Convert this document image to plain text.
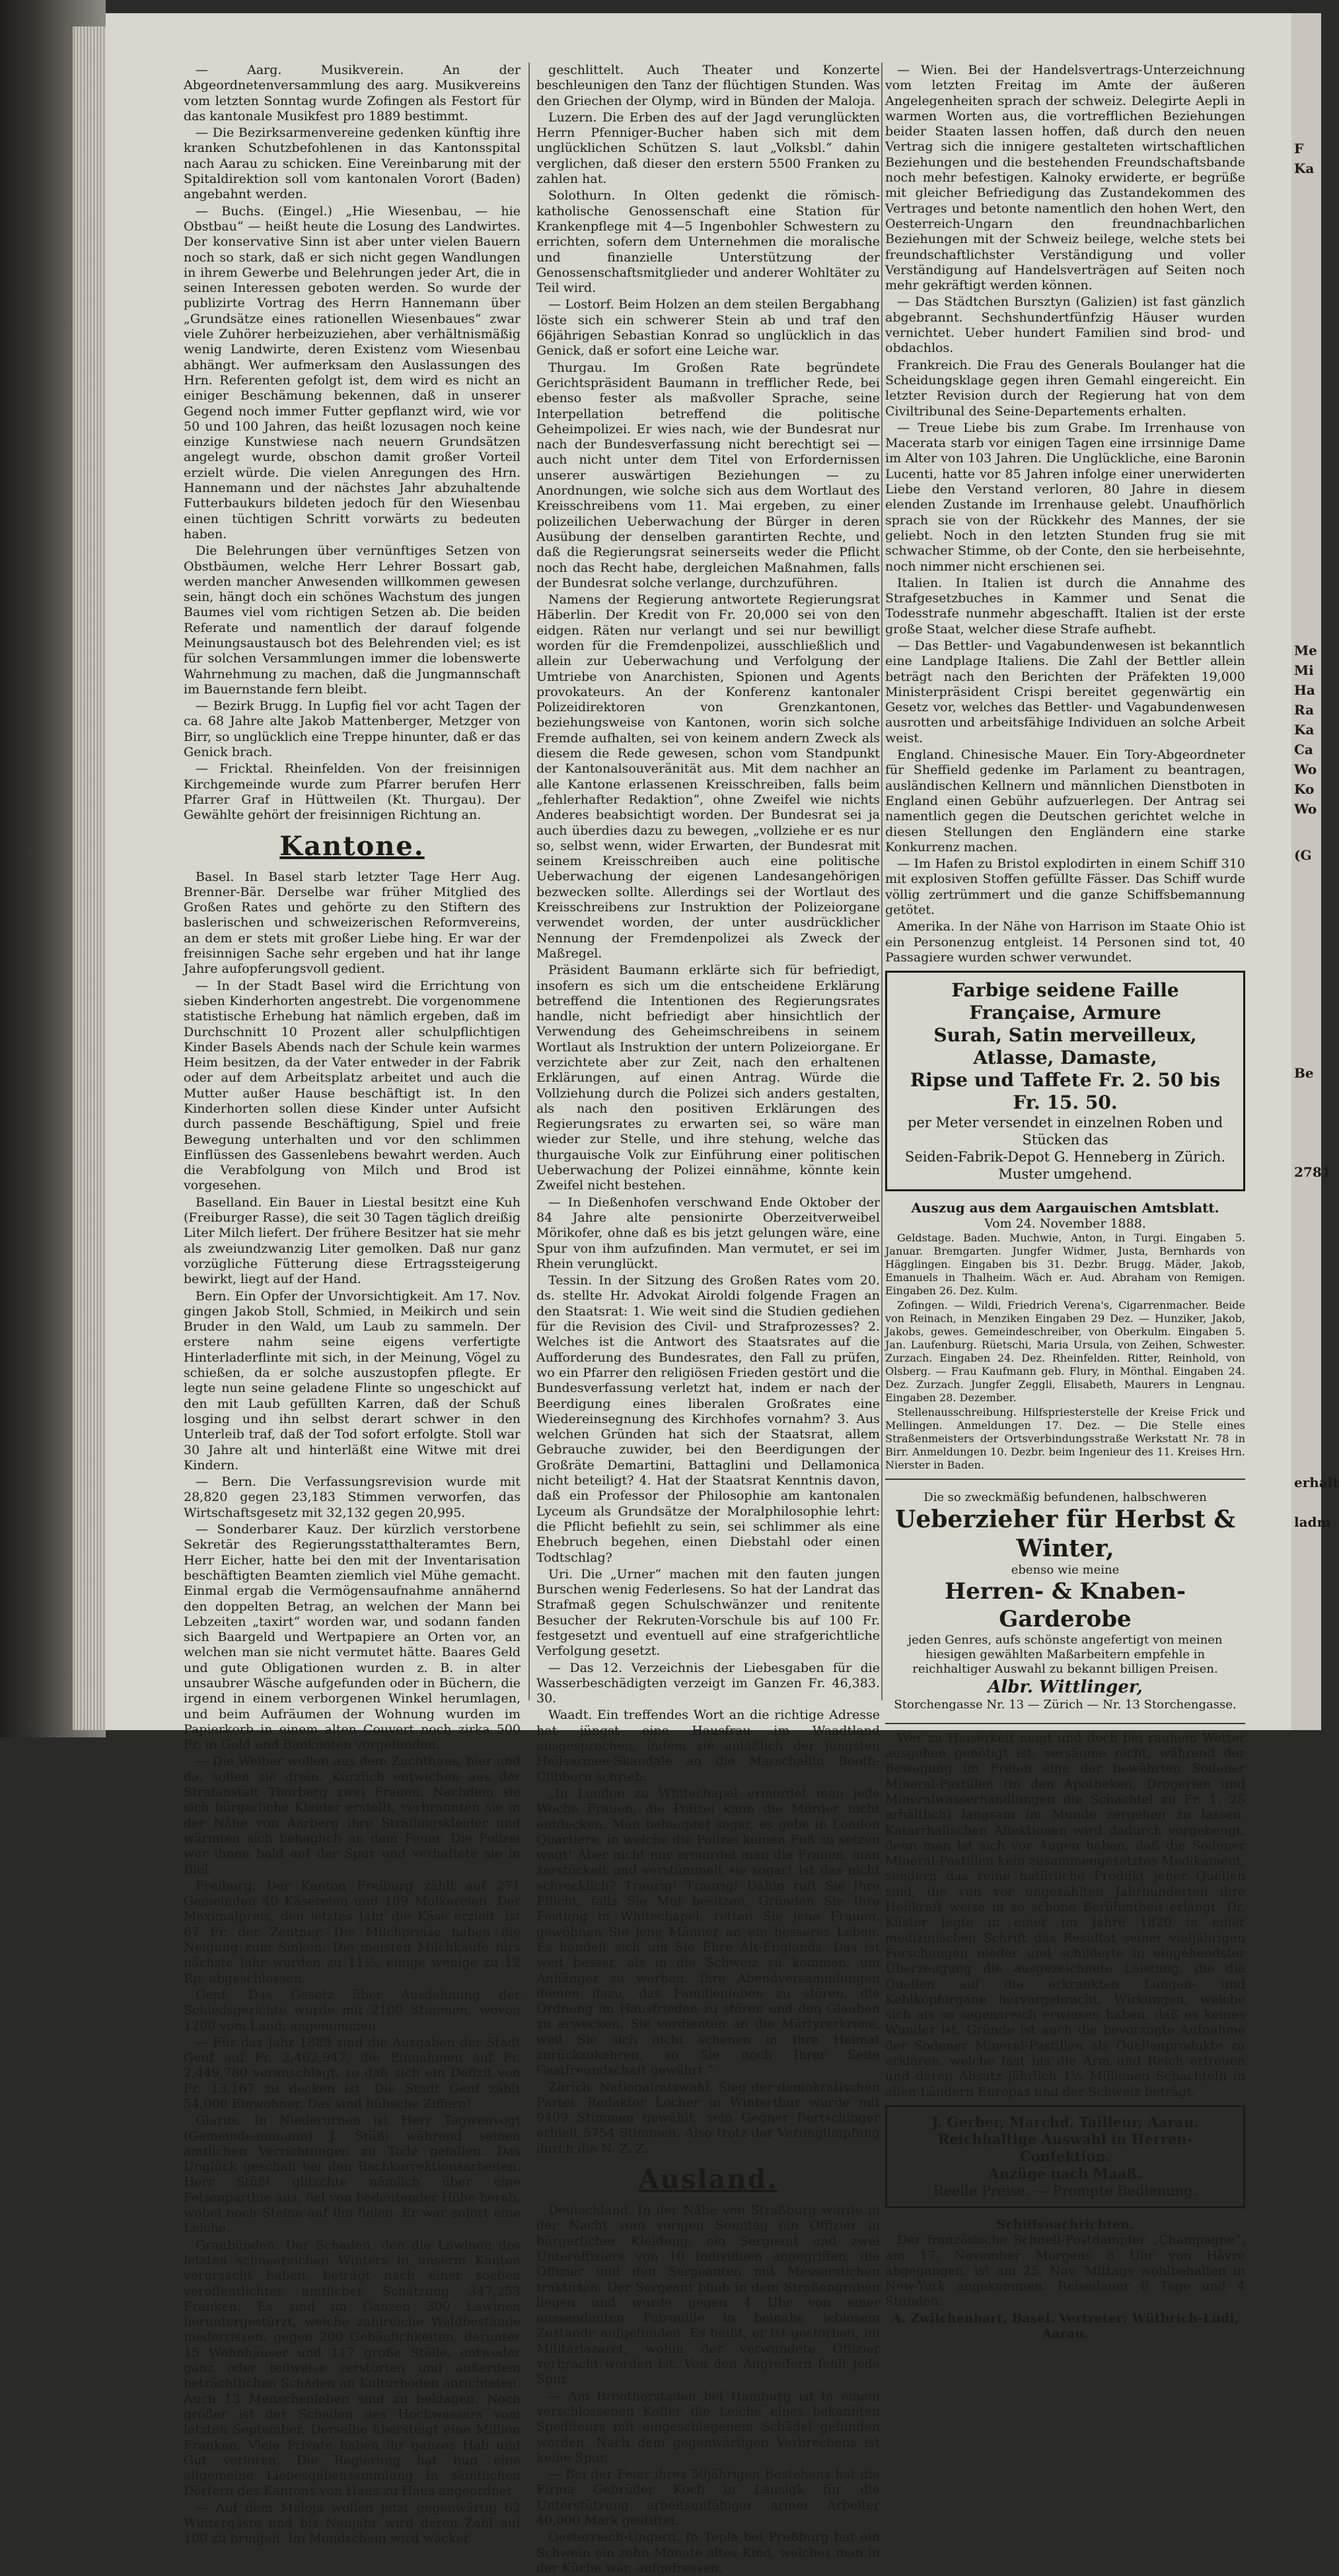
— Aarg. Musikverein. An der Abgeordnetenversammlung des aarg. Musikvereins vom letzten Sonntag wurde Zofingen als Festort für das kantonale Musikfest pro 1889 bestimmt.

— Die Bezirksarmenvereine gedenken künftig ihre kranken Schutzbefohlenen in das Kantonsspital nach Aarau zu schicken. Eine Vereinbarung mit der Spitaldirektion soll vom kantonalen Vorort (Baden) angebahnt werden.

— Buchs. (Eingel.) „Hie Wiesenbau, — hie Obstbau“ — heißt heute die Losung des Landwirtes. Der konservative Sinn ist aber unter vielen Bauern noch so stark, daß er sich nicht gegen Wandlungen in ihrem Gewerbe und Belehrungen jeder Art, die in seinen Interessen geboten werden. So wurde der publizirte Vortrag des Herrn Hannemann über „Grundsätze eines rationellen Wiesenbaues“ zwar viele Zuhörer herbeizuziehen, aber verhältnismäßig wenig Landwirte, deren Existenz vom Wiesenbau abhängt. Wer aufmerksam den Auslassungen des Hrn. Referenten gefolgt ist, dem wird es nicht an einiger Beschämung bekennen, daß in unserer Gegend noch immer Futter gepflanzt wird, wie vor 50 und 100 Jahren, das heißt lozusagen noch keine einzige Kunstwiese nach neuern Grundsätzen angelegt wurde, obschon damit großer Vorteil erzielt würde. Die vielen Anregungen des Hrn. Hannemann und der nächstes Jahr abzuhaltende Futterbaukurs bildeten jedoch für den Wiesenbau einen tüchtigen Schritt vorwärts zu bedeuten haben.

Die Belehrungen über vernünftiges Setzen von Obstbäumen, welche Herr Lehrer Bossart gab, werden mancher Anwesenden willkommen gewesen sein, hängt doch ein schönes Wachstum des jungen Baumes viel vom richtigen Setzen ab. Die beiden Referate und namentlich der darauf folgende Meinungsaustausch bot des Belehrenden viel; es ist für solchen Versammlungen immer die lobenswerte Wahrnehmung zu machen, daß die Jungmannschaft im Bauernstande fern bleibt.

— Bezirk Brugg. In Lupfig fiel vor acht Tagen der ca. 68 Jahre alte Jakob Mattenberger, Metzger von Birr, so unglücklich eine Treppe hinunter, daß er das Genick brach.

— Fricktal. Rheinfelden. Von der freisinnigen Kirchgemeinde wurde zum Pfarrer berufen Herr Pfarrer Graf in Hüttweilen (Kt. Thurgau). Der Gewählte gehört der freisinnigen Richtung an.

Kantone.

Basel. In Basel starb letzter Tage Herr Aug. Brenner-Bär. Derselbe war früher Mitglied des Großen Rates und gehörte zu den Stiftern des baslerischen und schweizerischen Reformvereins, an dem er stets mit großer Liebe hing. Er war der freisinnigen Sache sehr ergeben und hat ihr lange Jahre aufopferungsvoll gedient.

— In der Stadt Basel wird die Errichtung von sieben Kinderhorten angestrebt. Die vorgenommene statistische Erhebung hat nämlich ergeben, daß im Durchschnitt 10 Prozent aller schulpflichtigen Kinder Basels Abends nach der Schule kein warmes Heim besitzen, da der Vater entweder in der Fabrik oder auf dem Arbeitsplatz arbeitet und auch die Mutter außer Hause beschäftigt ist. In den Kinderhorten sollen diese Kinder unter Aufsicht durch passende Beschäftigung, Spiel und freie Bewegung unterhalten und vor den schlimmen Einflüssen des Gassenlebens bewahrt werden. Auch die Verabfolgung von Milch und Brod ist vorgesehen.

Baselland. Ein Bauer in Liestal besitzt eine Kuh (Freiburger Rasse), die seit 30 Tagen täglich dreißig Liter Milch liefert. Der frühere Besitzer hat sie mehr als zweiundzwanzig Liter gemolken. Daß nur ganz vorzügliche Fütterung diese Ertragssteigerung bewirkt, liegt auf der Hand.

Bern. Ein Opfer der Unvorsichtigkeit. Am 17. Nov. gingen Jakob Stoll, Schmied, in Meikirch und sein Bruder in den Wald, um Laub zu sammeln. Der erstere nahm seine eigens verfertigte Hinterladerflinte mit sich, in der Meinung, Vögel zu schießen, da er solche auszustopfen pflegte. Er legte nun seine geladene Flinte so ungeschickt auf den mit Laub gefüllten Karren, daß der Schuß losging und ihn selbst derart schwer in den Unterleib traf, daß der Tod sofort erfolgte. Stoll war 30 Jahre alt und hinterläßt eine Witwe mit drei Kindern.

— Bern. Die Verfassungsrevision wurde mit 28,820 gegen 23,183 Stimmen verworfen, das Wirtschaftsgesetz mit 32,132 gegen 20,995.

— Sonderbarer Kauz. Der kürzlich verstorbene Sekretär des Regierungsstatthalteramtes Bern, Herr Eicher, hatte bei den mit der Inventarisation beschäftigten Beamten ziemlich viel Mühe gemacht. Einmal ergab die Vermögensaufnahme annähernd den doppelten Betrag, an welchen der Mann bei Lebzeiten „taxirt“ worden war, und sodann fanden sich Baargeld und Wertpapiere an Orten vor, an welchen man sie nicht vermutet hätte. Baares Geld und gute Obligationen wurden z. B. in alter unsaubrer Wäsche aufgefunden oder in Büchern, die irgend in einem verborgenen Winkel herumlagen, und beim Aufräumen der Wohnung wurden im Papierkorb in einem alten Couvert noch zirka 500 Fr. in Gold und Banknoten vorgefunden.

— Die Weiber wollen aus dem Zuchthaus, hier und da, sollen sie drein. Kürzlich entwichen aus der Strafanstalt Thorberg zwei Frauen. Nachdem sie sich bürgerliche Kleider erstellt, verbrannten sie in der Nähe von Aarberg ihre Sträflingskleider und wärmten sich behaglich an dem Feuer. Die Polizei war ihnen bald auf der Spur und verhaftete sie in Biel.

Freiburg. Der Kanton Freiburg zählt auf 271 Gemeinden 40 Käsereien und 189 Molkereien. Der Maximalpreis, den letztes Jahr die Käse erzielt, ist 67 Fr. der Zentner. Die Milchpreise haben die Neigung zum Sinken. Die meisten Milchkäufe fürs nächste Jahr wurden zu 11½, einige wenige zu 12 Rp. abgeschlossen.

Genf. Das Gesetz über Ausdehnung der Schiedsgerichte wurde mit 2100 Stimmen, wovon 1200 vom Land, angenommen.

— Für das Jahr 1889 sind die Ausgaben der Stadt Genf auf Fr. 2,462,947, die Einnahmen auf Fr. 2,449,780 veranschlagt, so daß sich ein Defizit von Fr. 13,167 zu decken ist. Die Stadt Genf zählt 54,000 Einwohner. Das sind hübsche Ziffern!

Glarus. In Niederurnen ist Herr Tagwenvogt (Gemeindeammann) J. Stüßi während seinen amtlichen Verrichtungen zu Tode gefallen. Das Unglück geschah bei den Bachkorrektionsarbeiten. Herr Stüßi glitschte nämlich über eine Felsenparthie aus, fiel von bedeutender Höhe herab, wobei noch Steine auf ihn fielen. Er war sofort eine Leiche.

Graubünden. Der Schaden, den die Lawinen des letzten schneereichen Winters in unserm Kanton verursacht haben, beträgt nach einer soeben veröffentlichter amtlicher Schätzung 347,253 Franken. Es sind im Ganzen 300 Lawinen heruntergestürzt, welche zahlreiche Waldbestände niederrissen, gegen 200 Gebäulichkeiten, darunter 15 Wohnhäuser und 117 große Ställe, entweder ganz oder teilweise zerstörten und außerdem beträchtlichen Schaden an Kulturboden anrichteten. Auch 13 Menschenleben sind zu beklagen. Noch größer ist der Schaden des Hochwassers vom letzten September. Derselbe übersteigt eine Million Franken. Viele Private haben ihr ganzes Hab und Gut verloren. Die Regierung hat nun eine allgemeine Liebesgabensammlung in sämtlichen Dörfern des Kantons von Haus zu Haus angeordnet.

— Auf dem Maloja wollen jetzt gegenwärtig 62 Wintergäste und bis Neujahr wird deren Zahl auf 100 zu bringen. Im Mondschein wird wacker

geschlittelt. Auch Theater und Konzerte beschleunigen den Tanz der flüchtigen Stunden. Was den Griechen der Olymp, wird in Bünden der Maloja.

Luzern. Die Erben des auf der Jagd verunglückten Herrn Pfenniger-Bucher haben sich mit dem unglücklichen Schützen S. laut „Volksbl.“ dahin verglichen, daß dieser den erstern 5500 Franken zu zahlen hat.

Solothurn. In Olten gedenkt die römisch-katholische Genossenschaft eine Station für Krankenpflege mit 4—5 Ingenbohler Schwestern zu errichten, sofern dem Unternehmen die moralische und finanzielle Unterstützung der Genossenschaftsmitglieder und anderer Wohltäter zu Teil wird.

— Lostorf. Beim Holzen an dem steilen Bergabhang löste sich ein schwerer Stein ab und traf den 66jährigen Sebastian Konrad so unglücklich in das Genick, daß er sofort eine Leiche war.

Thurgau. Im Großen Rate begründete Gerichtspräsident Baumann in trefflicher Rede, bei ebenso fester als maßvoller Sprache, seine Interpellation betreffend die politische Geheimpolizei. Er wies nach, wie der Bundesrat nur nach der Bundesverfassung nicht berechtigt sei — auch nicht unter dem Titel von Erfordernissen unserer auswärtigen Beziehungen — zu Anordnungen, wie solche sich aus dem Wortlaut des Kreisschreibens vom 11. Mai ergeben, zu einer polizeilichen Ueberwachung der Bürger in deren Ausübung der denselben garantirten Rechte, und daß die Regierungsrat seinerseits weder die Pflicht noch das Recht habe, dergleichen Maßnahmen, falls der Bundesrat solche verlange, durchzuführen.

Namens der Regierung antwortete Regierungsrat Häberlin. Der Kredit von Fr. 20,000 sei von den eidgen. Räten nur verlangt und sei nur bewilligt worden für die Fremdenpolizei, ausschließlich und allein zur Ueberwachung und Verfolgung der Umtriebe von Anarchisten, Spionen und Agents provokateurs. An der Konferenz kantonaler Polizeidirektoren von Grenzkantonen, beziehungsweise von Kantonen, worin sich solche Fremde aufhalten, sei von keinem andern Zweck als diesem die Rede gewesen, schon vom Standpunkt der Kantonalsouveränität aus. Mit dem nachher an alle Kantone erlassenen Kreisschreiben, falls beim „fehlerhafter Redaktion“, ohne Zweifel wie nichts Anderes beabsichtigt worden. Der Bundesrat sei ja auch überdies dazu zu bewegen, „vollziehe er es nur so, selbst wenn, wider Erwarten, der Bundesrat mit seinem Kreisschreiben auch eine politische Ueberwachung der eigenen Landesangehörigen bezwecken sollte. Allerdings sei der Wortlaut des Kreisschreibens zur Instruktion der Polizeiorgane verwendet worden, der unter ausdrücklicher Nennung der Fremdenpolizei als Zweck der Maßregel.

Präsident Baumann erklärte sich für befriedigt, insofern es sich um die entscheidene Erklärung betreffend die Intentionen des Regierungsrates handle, nicht befriedigt aber hinsichtlich der Verwendung des Geheimschreibens in seinem Wortlaut als Instruktion der untern Polizeiorgane. Er verzichtete aber zur Zeit, nach den erhaltenen Erklärungen, auf einen Antrag. Würde die Vollziehung durch die Polizei sich anders gestalten, als nach den positiven Erklärungen des Regierungsrates zu erwarten sei, so wäre man wieder zur Stelle, und ihre stehung, welche das thurgauische Volk zur Einführung einer politischen Ueberwachung der Polizei einnähme, könnte kein Zweifel nicht bestehen.

— In Dießenhofen verschwand Ende Oktober der 84 Jahre alte pensionirte Oberzeitverweibel Mörikofer, ohne daß es bis jetzt gelungen wäre, eine Spur von ihm aufzufinden. Man vermutet, er sei im Rhein verunglückt.

Tessin. In der Sitzung des Großen Rates vom 20. ds. stellte Hr. Advokat Airoldi folgende Fragen an den Staatsrat: 1. Wie weit sind die Studien gediehen für die Revision des Civil- und Strafprozesses? 2. Welches ist die Antwort des Staatsrates auf die Aufforderung des Bundesrates, den Fall zu prüfen, wo ein Pfarrer den religiösen Frieden gestört und die Bundesverfassung verletzt hat, indem er nach der Beerdigung eines liberalen Großrates eine Wiedereinsegnung des Kirchhofes vornahm? 3. Aus welchen Gründen hat sich der Staatsrat, allem Gebrauche zuwider, bei den Beerdigungen der Großräte Demartini, Battaglini und Dellamonica nicht beteiligt? 4. Hat der Staatsrat Kenntnis davon, daß ein Professor der Philosophie am kantonalen Lyceum als Grundsätze der Moralphilosophie lehrt: die Pflicht befiehlt zu sein, sei schlimmer als eine Ehebruch begehen, einen Diebstahl oder einen Todtschlag?

Uri. Die „Urner“ machen mit den fauten jungen Burschen wenig Federlesens. So hat der Landrat das Strafmaß gegen Schulschwänzer und renitente Besucher der Rekruten-Vorschule bis auf 100 Fr. festgesetzt und eventuell auf eine strafgerichtliche Verfolgung gesetzt.

— Das 12. Verzeichnis der Liebesgaben für die Wasserbeschädigten verzeigt im Ganzen Fr. 46,383. 30.

Waadt. Ein treffendes Wort an die richtige Adresse hat jüngst eine Hausfrau im Waadtland ausgesprochen, indem sie anläßlich der jüngsten Heilsarmee-Skandale an die Marschallin Booth-Clibborn schrieb:

„In London zu Whitechapel ermordet man jede Woche Frauen, die Polizei kann die Mörder nicht entdecken. Man behauptet sogar, es gebe in London Quartiere, in welche die Polizei keinen Fuß zu setzen wagt! Aber nicht nur ermordet man die Frauen, man zerstückelt und verstümmelt sie sogar! Ist das nicht schrecklich? Traurig! Traurig! Dahin ruft Sie Ihre Pflicht, falls Sie Mut besitzen. Gründen Sie Ihre Festung in Whitechapel, retten Sie jene Frauen, gewöhnen Sie jene Männer an ein besseres Leben. Es handelt sich um Sie Ehre Alt-Englands. Das ist weit besser, als in die Schweiz zu kommen, um Anhänger zu werben. Ihre Abendversammlungen dienen dazu, das Familienleben zu stören, die Ordnung im Hausfrieden zu stören und den Glauben zu erwecken. Sie verdienten an die Märtyrerkrone, weil Sie sich nicht schenen in Ihre Heimat zurückzukehren, so Sie noch Ihrer Seite Gastfreundschaft gewährt.“

Zürich. Nationalratswahl. Sieg der demokratischen Partei. Redaktor Locher in Winterthur wurde mit 9409 Stimmen gewählt, sein Gegner Bertschinger erhielt 5754 Stimmen. Also trotz der Verunglimpfung durch die N. Z. Z.

Ausland.

Deutschland. In der Nähe von Straßburg wurde in der Nacht vom vorigen Sonntag ein Offizier in bürgerlicher Kleidung, ein Sergeant und zwei Unteroffiziere von 10 Individuen angegriffen, die Offizier und den Sergeanten mit Messerstichen traktirten. Der Sergeant blieb in dem Straßengraben liegen und wurde gegen 4 Uhr von einer aussendenten Patrouille in beinahe leblosem Zustande aufgefunden. Es heißt, er ist gestorben, im Militärlazaret, wohin der verwundete Offizier verbracht worden ist. Von den Angreifern fehlt jede Spur.

— Am Broothorstaden bei Hamburg ist in einem verschlossenen Koffer die Leiche eines bekannten Spediteurs mit eingeschlagenem Schädel gefunden worden. Nach dem gegenwärtigen Verbrechens ist keine Spur.

— Bei der Feier ihres 50jährigen Bestehens hat die Firma Gebrüder Koch in Lausigk für die Unterstützung arbeitsunfähiger armer Arbeiter 40,000 Mark gestiftet.

Oesterreich-Ungarn. In Tepla bei Preßburg hat ein Schwein ein zehn Monate altes Kind, welches man in der Küche war, aufgefressen.

— Wien. Bei der Handelsvertrags-Unterzeichnung vom letzten Freitag im Amte der äußeren Angelegenheiten sprach der schweiz. Delegirte Aepli in warmen Worten aus, die vortrefflichen Beziehungen beider Staaten lassen hoffen, daß durch den neuen Vertrag sich die innigere gestalteten wirtschaftlichen Beziehungen und die bestehenden Freundschaftsbande noch mehr befestigen. Kalnoky erwiderte, er begrüße mit gleicher Befriedigung das Zustandekommen des Vertrages und betonte namentlich den hohen Wert, den Oesterreich-Ungarn den freundnachbarlichen Beziehungen mit der Schweiz beilege, welche stets bei freundschaftlichster Verständigung und voller Verständigung auf Handelsverträgen auf Seiten noch mehr gekräftigt werden können.

— Das Städtchen Bursztyn (Galizien) ist fast gänzlich abgebrannt. Sechshundertfünfzig Häuser wurden vernichtet. Ueber hundert Familien sind brod- und obdachlos.

Frankreich. Die Frau des Generals Boulanger hat die Scheidungsklage gegen ihren Gemahl eingereicht. Ein letzter Revision durch der Regierung hat von dem Civiltribunal des Seine-Departements erhalten.

— Treue Liebe bis zum Grabe. Im Irrenhause von Macerata starb vor einigen Tagen eine irrsinnige Dame im Alter von 103 Jahren. Die Unglückliche, eine Baronin Lucenti, hatte vor 85 Jahren infolge einer unerwiderten Liebe den Verstand verloren, 80 Jahre in diesem elenden Zustande im Irrenhause gelebt. Unaufhörlich sprach sie von der Rückkehr des Mannes, der sie geliebt. Noch in den letzten Stunden frug sie mit schwacher Stimme, ob der Conte, den sie herbeisehnte, noch nimmer nicht erschienen sei.

Italien. In Italien ist durch die Annahme des Strafgesetzbuches in Kammer und Senat die Todesstrafe nunmehr abgeschafft. Italien ist der erste große Staat, welcher diese Strafe aufhebt.

— Das Bettler- und Vagabundenwesen ist bekanntlich eine Landplage Italiens. Die Zahl der Bettler allein beträgt nach den Berichten der Präfekten 19,000 Ministerpräsident Crispi bereitet gegenwärtig ein Gesetz vor, welches das Bettler- und Vagabundenwesen ausrotten und arbeitsfähige Individuen an solche Arbeit weist.

England. Chinesische Mauer. Ein Tory-Abgeordneter für Sheffield gedenke im Parlament zu beantragen, ausländischen Kellnern und männlichen Dienstboten in England einen Gebühr aufzuerlegen. Der Antrag sei namentlich gegen die Deutschen gerichtet welche in diesen Stellungen den Engländern eine starke Konkurrenz machen.

— Im Hafen zu Bristol explodirten in einem Schiff 310 mit explosiven Stoffen gefüllte Fässer. Das Schiff wurde völlig zertrümmert und die ganze Schiffsbemannung getötet.

Amerika. In der Nähe von Harrison im Staate Ohio ist ein Personenzug entgleist. 14 Personen sind tot, 40 Passagiere wurden schwer verwundet.

Farbige seidene Faille Française, Armure
Surah, Satin merveilleux, Atlasse, Damaste,
Ripse und Taffete Fr. 2. 50 bis Fr. 15. 50.
per Meter versendet in einzelnen Roben und Stücken das
Seiden-Fabrik-Depot G. Henneberg in Zürich.
Muster umgehend.
Auszug aus dem Aargauischen Amtsblatt.
Vom 24. November 1888.

Geldstage. Baden. Muchwie, Anton, in Turgi. Eingaben 5. Januar. Bremgarten. Jungfer Widmer, Justa, Bernhards von Hägglingen. Eingaben bis 31. Dezbr. Brugg. Mäder, Jakob, Emanuels in Thalheim. Wäch er. Aud. Abraham von Remigen. Eingaben 26. Dez. Kulm.

Zofingen. — Wildi, Friedrich Verena's, Cigarrenmacher. Beide von Reinach, in Menziken Eingaben 29 Dez. — Hunziker, Jakob, Jakobs, gewes. Gemeindeschreiber, von Oberkulm. Eingaben 5. Jan. Laufenburg. Rüetschi, Maria Ursula, von Zeihen, Schwester. Zurzach. Eingaben 24. Dez. Rheinfelden. Ritter, Reinhold, von Olsberg. — Frau Kaufmann geb. Flury, in Mönthal. Eingaben 24. Dez. Zurzach. Jungfer Zeggli, Elisabeth, Maurers in Lengnau. Eingaben 28. Dezember.

Stellenausschreibung. Hilfspriesterstelle der Kreise Frick und Mellingen. Anmeldungen 17. Dez. — Die Stelle eines Straßenmeisters der Ortsverbindungsstraße Werkstatt Nr. 78 in Birr. Anmeldungen 10. Dezbr. beim Ingenieur des 11. Kreises Hrn. Nierster in Baden.

Die so zweckmäßig befundenen, halbschweren
Ueberzieher für Herbst & Winter,
ebenso wie meine
Herren- & Knaben-Garderobe
jeden Genres, aufs schönste angefertigt von meinen hiesigen gewählten Maßarbeitern empfehle in reichhaltiger Auswahl zu bekannt billigen Preisen.
Albr. Wittlinger,
Storchengasse Nr. 13 — Zürich — Nr. 13 Storchengasse.

Wer zu Heiserkeit neigt und doch bei rauhem Wetter ausgehen genötigt ist, versäume nicht, während der Bewegung im Freien eine der bewährten Sodener Mineral-Pastillen (in den Apotheken, Drogerien und Mineralwasserhandlungen die Schachtel zu Fr. 1. 25 erhältlich) langsam im Munde zergehen zu lassen. Katarrhalischen Affektionen wird dadurch vorgebeugt, denn man ist sich vor Augen haben, daß die Sodener Mineral-Pastillen kein zusammengesetztes Medikament, sondern das reine natürliche Produkt jener Quellen sind, die von vor ungezählten Jahrhunderten ihre Heilkraft weise in so schöne Berühmtheit erlangt. Dr. Küster legte in einer im Jahre 1820 in einer medizinischen Schrift das Resultat seiner vieljährigen Forschungen nieder und schilderte in eingehendster Überzeugung die ausgezeichnete Leistung, die die Quellen auf die erkrankten Lungen- und Kehlkopforgane hervorgebracht, Wirkungen, welche sich als so segensreich erwiesen haben, daß es keines Wunder ist, Gründe ist auch die bevorzugte Aufnahme der Sodener Mineral-Pastillen als Quellenprodukte zu erklären, welche fast bis die Arm und Reich erfreuen und deren Absatz jährlich 1½ Millionen Schachteln in allen Ländern Europas und der Schweiz beträgt.

J. Gerber, Marchd. Tailleur, Aarau.
Reichhaltige Auswahl in Herren-Confektion.
Anzüge nach Maaß.
Reelle Preise. — Prompte Bedienung.
Schiffsnachrichten.

Der französische Schnell-Postdampfer „Champagne“, am 17. November Morgens 8 Uhr von Hâvre abgegangen, ist am 25. Nov. Mittags wohlbehalten in New-York angekommen. Reisedauer 8 Tage und 4 Stunden.

A. Zwilchenbart, Basel. Vertreter: Wüthrich-Lüdi, Aarau.
F
Ka
Me
Mi
Ha
Ra
Ka
Ca
Wo
Ko
Wo
(G
Be
2781
erhalt
ladm
